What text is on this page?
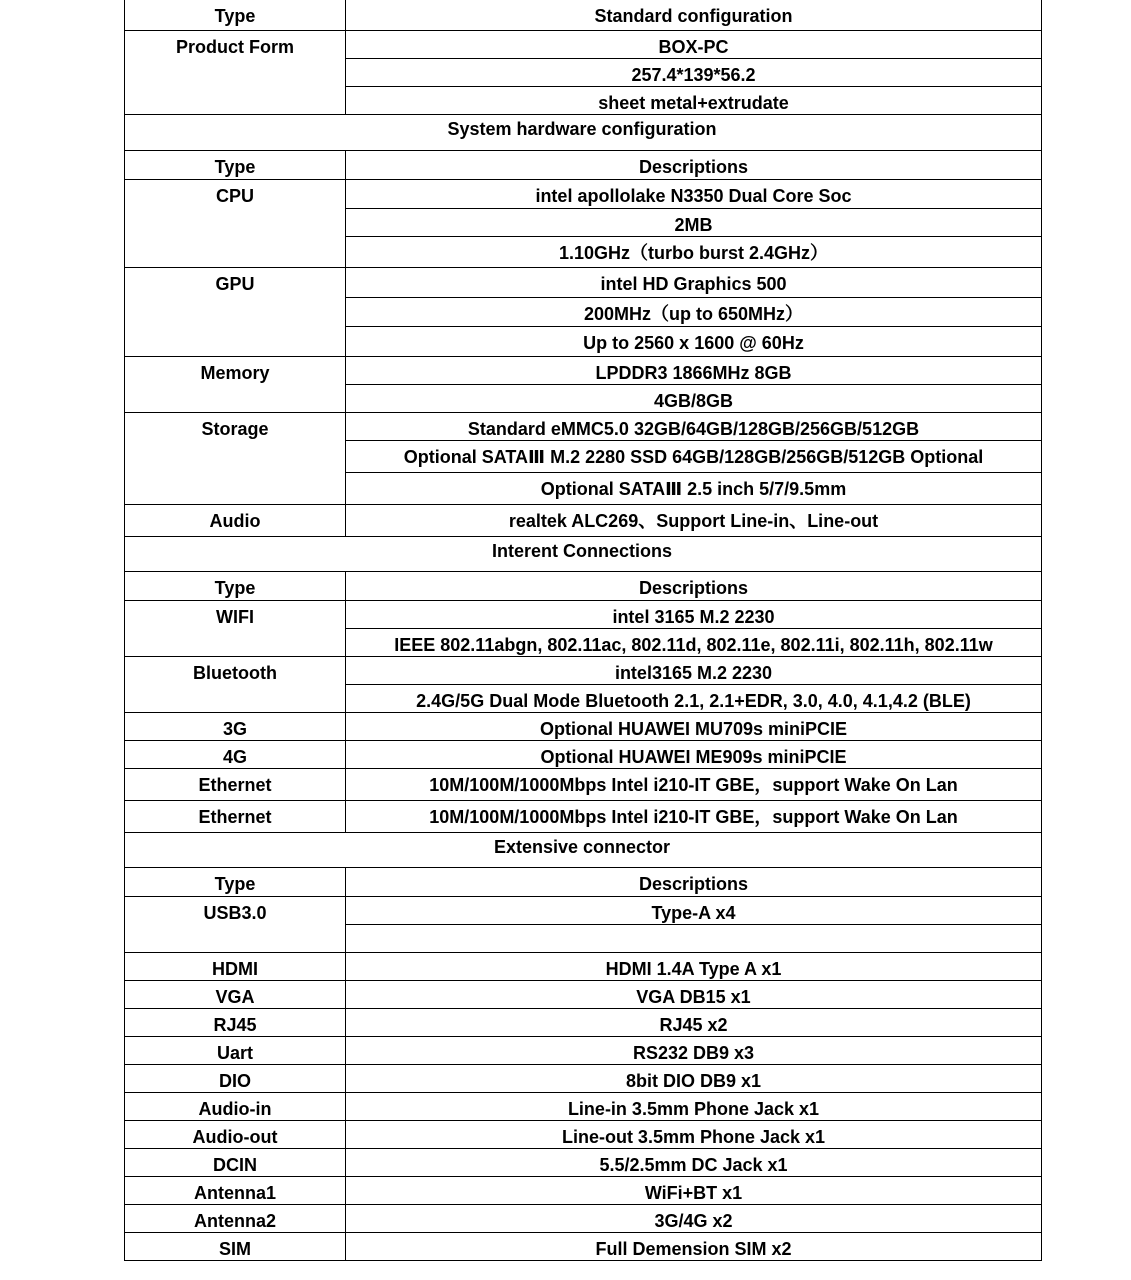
Type	Standard configuration
Product Form	BOX-PC
	257.4*139*56.2
	sheet metal+extrudate
System hardware configuration	
Type	Descriptions
CPU	intel apollolake N3350 Dual Core Soc
	2MB
	1.10GHz（turbo burst 2.4GHz）
GPU	intel HD Graphics 500
	200MHz（up to 650MHz）
	Up to 2560 x 1600 @ 60Hz
Memory	LPDDR3 1866MHz 8GB
	4GB/8GB
Storage	Standard eMMC5.0 32GB/64GB/128GB/256GB/512GB
	Optional SATAⅢ M.2 2280 SSD 64GB/128GB/256GB/512GB Optional
	Optional SATAⅢ 2.5 inch 5/7/9.5mm
Audio	realtek ALC269、Support Line-in、Line-out
Interent Connections	
Type	Descriptions
WIFI	intel 3165 M.2 2230
	IEEE 802.11abgn, 802.11ac, 802.11d, 802.11e, 802.11i, 802.11h, 802.11w
Bluetooth	intel3165 M.2 2230
	2.4G/5G Dual Mode Bluetooth 2.1, 2.1+EDR, 3.0, 4.0, 4.1,4.2 (BLE)
3G	Optional HUAWEI MU709s miniPCIE
4G	Optional HUAWEI ME909s miniPCIE
Ethernet	10M/100M/1000Mbps Intel i210-IT GBE，support Wake On Lan
Ethernet	10M/100M/1000Mbps Intel i210-IT GBE，support Wake On Lan
Extensive connector	
Type	Descriptions
USB3.0	Type-A x4

HDMI	HDMI 1.4A Type A x1
VGA	VGA DB15 x1
RJ45	RJ45 x2
Uart	RS232 DB9 x3
DIO	8bit DIO DB9 x1
Audio-in	Line-in 3.5mm Phone Jack x1
Audio-out	Line-out 3.5mm Phone Jack x1
DCIN	5.5/2.5mm DC Jack x1
Antenna1	WiFi+BT x1
Antenna2	3G/4G x2
SIM	Full Demension SIM x2
